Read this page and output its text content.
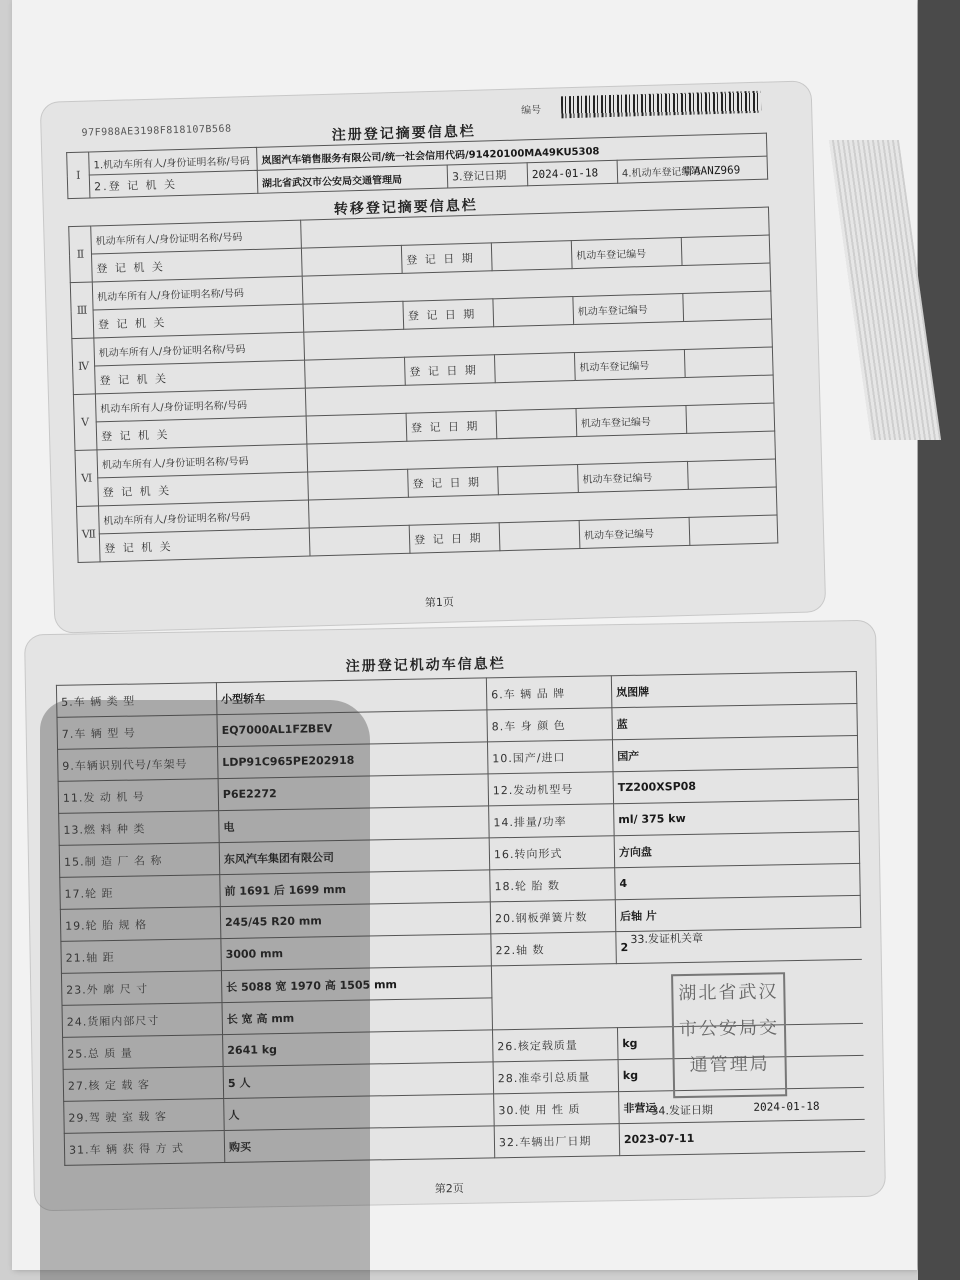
97F988AE3198F818107B568
编号
注册登记摘要信息栏
Ⅰ	1.机动车所有人/身份证明名称/号码	岚图汽车销售服务有限公司/统一社会信用代码/91420100MA49KU5308			
	2.登 记 机 关	湖北省武汉市公安局交通管理局	3.登记日期	2024-01-18	4.机动车登记编号
鄂AANZ969
转移登记摘要信息栏
Ⅱ	机动车所有人/身份证明名称/号码					
	登 记 机 关		登 记 日 期		机动车登记编号	
Ⅲ	机动车所有人/身份证明名称/号码					
	登 记 机 关		登 记 日 期		机动车登记编号	
Ⅳ	机动车所有人/身份证明名称/号码					
	登 记 机 关		登 记 日 期		机动车登记编号	
Ⅴ	机动车所有人/身份证明名称/号码					
	登 记 机 关		登 记 日 期		机动车登记编号	
Ⅵ	机动车所有人/身份证明名称/号码					
	登 记 机 关		登 记 日 期		机动车登记编号	
Ⅶ	机动车所有人/身份证明名称/号码					
	登 记 机 关		登 记 日 期		机动车登记编号	
第1页
注册登记机动车信息栏
5.车 辆 类 型	小型轿车	6.车 辆 品 牌	岚图牌
7.车 辆 型 号	EQ7000AL1FZBEV	8.车 身 颜 色	蓝
9.车辆识别代号/车架号	LDP91C965PE202918	10.国产/进口	国产
11.发 动 机 号	P6E2272	12.发动机型号	TZ200XSP08
13.燃 料 种 类	电	14.排量/功率	ml/ 375 kw
15.制 造 厂 名 称	东风汽车集团有限公司	16.转向形式	方向盘
17.轮 距	前 1691 后 1699 mm	18.轮 胎 数	4
19.轮 胎 规 格	245/45 R20 mm	20.钢板弹簧片数	后轴 片
21.轴 距	3000 mm	22.轴 数	2
23.外 廓 尺 寸	长 5088 宽 1970 高 1505 mm		
24.货厢内部尺寸	长 宽 高 mm		
25.总 质 量	2641 kg	26.核定载质量	kg
27.核 定 载 客	5 人	28.准牵引总质量	kg
29.驾 驶 室 载 客	人	30.使 用 性 质	非营运
31.车 辆 获 得 方 式	购买	32.车辆出厂日期	2023-07-11
33.发证机关章
湖北省武汉市公安局交通管理局
34.发证日期	2024-01-18
第2页
